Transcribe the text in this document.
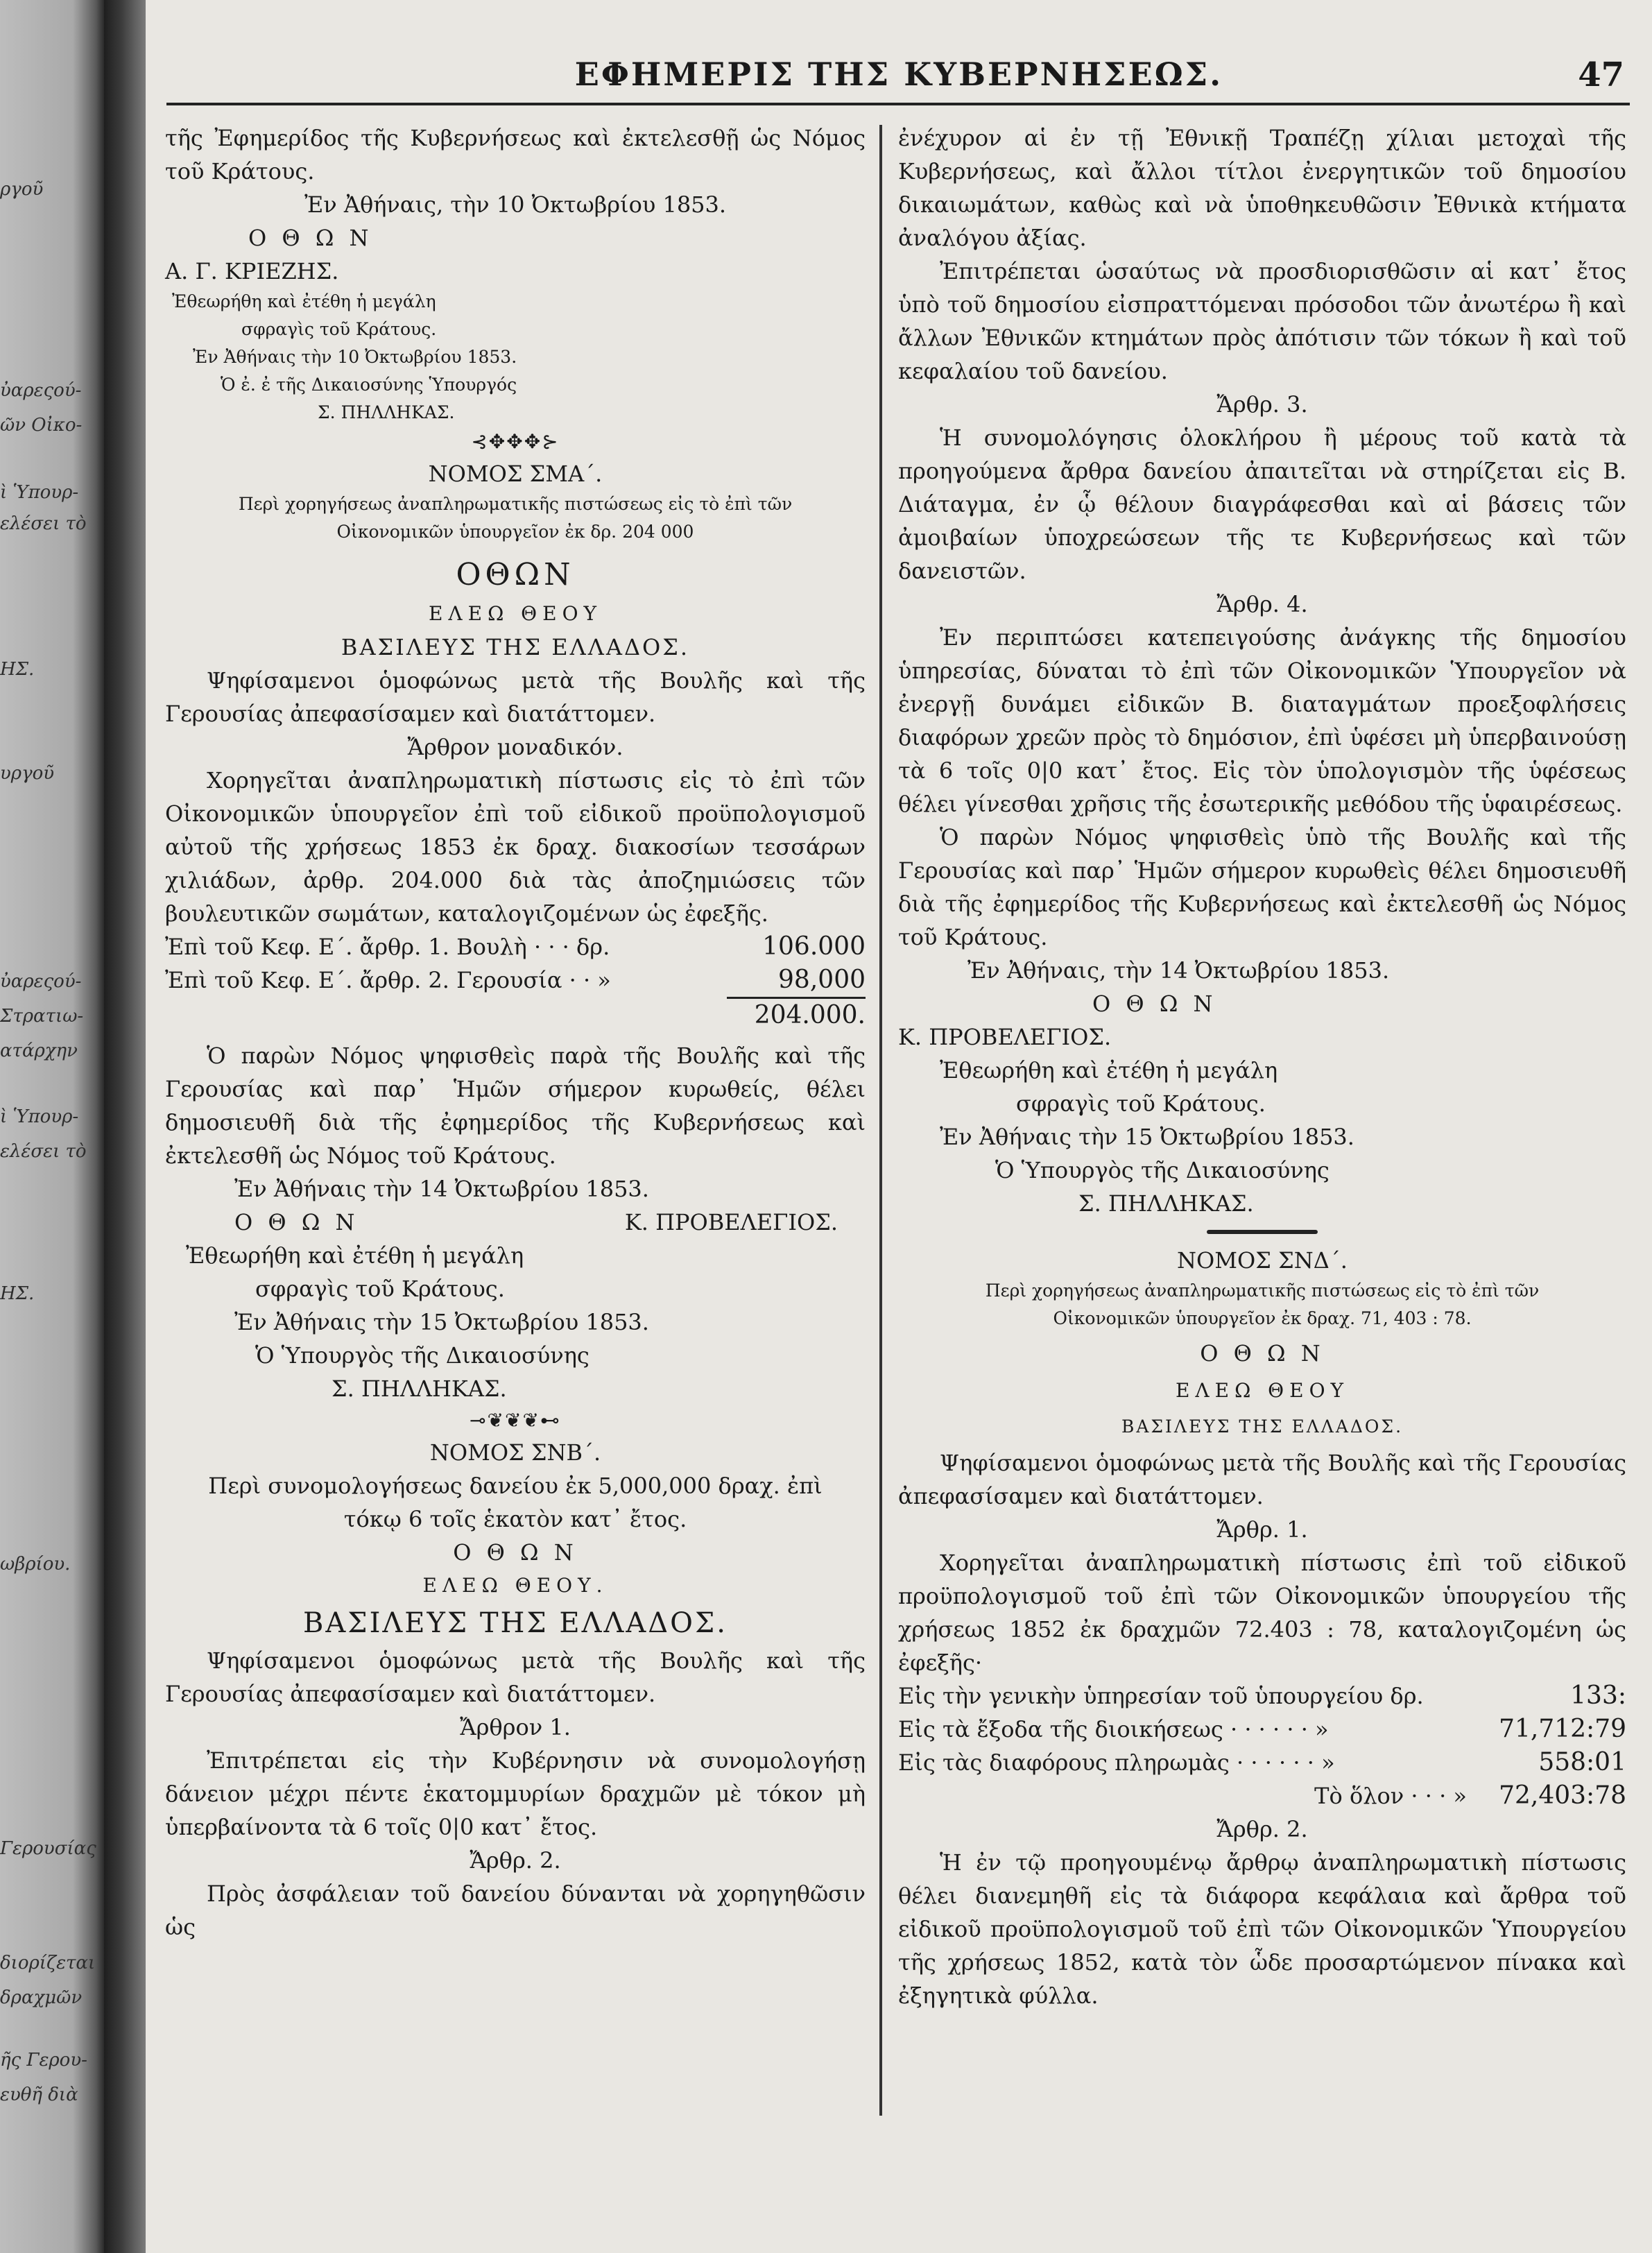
ργοῦ
ὐαρεςού-
ῶν Οἰκο-
ὶ Ὑπουρ-
ελέσει τὸ
ΗΣ.
υργοῦ
ὐαρεςού-
Στρατιω-
ατάρχην
ὶ Ὑπουρ-
ελέσει τὸ
ΗΣ.
ωβρίου.
Γερουσίας
διορίζεται
δραχμῶν
ῆς Γερου-
ευθῆ διὰ
ΕΦΗΜΕΡΙΣ ΤΗΣ ΚΥΒΕΡΝΗΣΕΩΣ.	47

τῆς Ἐφημερίδος τῆς Κυβερνήσεως καὶ ἐκτελεσθῇ ὡς Νόμος τοῦ Κράτους.

Ἐν Ἀθήναις, τὴν 10 Ὀκτωβρίου 1853.

Ο Θ Ω Ν

Α. Γ. ΚΡΙΕΖΗΣ.

Ἐθεωρήθη καὶ ἐτέθη ἡ μεγάλη

σφραγὶς τοῦ Κράτους.

Ἐν Ἀθήναις τὴν 10 Ὀκτωβρίου 1853.

Ὁ ἐ. ἐ τῆς Δικαιοσύνης Ὑπουργός

Σ. ΠΗΛΛΗΚΑΣ.

⊰✥✥✥⊱

ΝΟΜΟΣ ΣΜΑ΄.

Περὶ χορηγήσεως ἀναπληρωματικῆς πιστώσεως εἰς τὸ ἐπὶ τῶν Οἰκονομικῶν ὑπουργεῖον ἐκ δρ. 204 000

ΟΘΩΝ

ΕΛΕΩ ΘΕΟΥ

ΒΑΣΙΛΕΥΣ ΤΗΣ ΕΛΛΑΔΟΣ.

Ψηφίσαμενοι ὁμοφώνως μετὰ τῆς Βουλῆς καὶ τῆς Γερουσίας ἀπεφασίσαμεν καὶ διατάττομεν.

Ἄρθρον μοναδικόν.

Χορηγεῖται ἀναπληρωματικὴ πίστωσις εἰς τὸ ἐπὶ τῶν Οἰκονομικῶν ὑπουργεῖον ἐπὶ τοῦ εἰδικοῦ προϋπολογισμοῦ αὐτοῦ τῆς χρήσεως 1853 ἐκ δραχ. διακοσίων τεσσάρων χιλιάδων, ἀρθρ. 204.000 διὰ τὰς ἀποζημιώσεις τῶν βουλευτικῶν σωμάτων, καταλογιζομένων ὡς ἐφεξῆς.

Ἐπὶ τοῦ Κεφ. Ε΄. ἄρθρ. 1. Βουλὴ · · · δρ.	106.000
Ἐπὶ τοῦ Κεφ. Ε΄. ἄρθρ. 2. Γερουσία · · »	98,000
204.000.

Ὁ παρὼν Νόμος ψηφισθεὶς παρὰ τῆς Βουλῆς καὶ τῆς Γερουσίας καὶ παρ᾽ Ἡμῶν σήμερον κυρωθείς, θέλει δημοσιευθῆ διὰ τῆς ἐφημερίδος τῆς Κυβερνήσεως καὶ ἐκτελεσθῆ ὡς Νόμος τοῦ Κράτους.

Ἐν Ἀθήναις τὴν 14 Ὀκτωβρίου 1853.

Ο Θ Ω Ν	Κ. ΠΡΟΒΕΛΕΓΙΟΣ.

Ἐθεωρήθη καὶ ἐτέθη ἡ μεγάλη

σφραγὶς τοῦ Κράτους.

Ἐν Ἀθήναις τὴν 15 Ὀκτωβρίου 1853.

Ὁ Ὑπουργὸς τῆς Δικαιοσύνης

Σ. ΠΗΛΛΗΚΑΣ.

⊸❦❦❦⊷

ΝΟΜΟΣ ΣΝΒ΄.

Περὶ συνομολογήσεως δανείου ἐκ 5,000,000 δραχ. ἐπὶ

τόκῳ 6 τοῖς ἑκατὸν κατ᾽ ἔτος.

Ο Θ Ω Ν

ΕΛΕΩ ΘΕΟΥ.

ΒΑΣΙΛΕΥΣ ΤΗΣ ΕΛΛΑΔΟΣ.

Ψηφίσαμενοι ὁμοφώνως μετὰ τῆς Βουλῆς καὶ τῆς Γερουσίας ἀπεφασίσαμεν καὶ διατάττομεν.

Ἄρθρον 1.

Ἐπιτρέπεται εἰς τὴν Κυβέρνησιν νὰ συνομολογήσῃ δάνειον μέχρι πέντε ἑκατομμυρίων δραχμῶν μὲ τόκον μὴ ὑπερβαίνοντα τὰ 6 τοῖς 0|0 κατ᾽ ἔτος.

Ἄρθρ. 2.

Πρὸς ἀσφάλειαν τοῦ δανείου δύνανται νὰ χορηγηθῶσιν ὡς

ἐνέχυρον αἱ ἐν τῇ Ἐθνικῇ Τραπέζῃ χίλιαι μετοχαὶ τῆς Κυβερνήσεως, καὶ ἄλλοι τίτλοι ἐνεργητικῶν τοῦ δημοσίου δικαιωμάτων, καθὼς καὶ νὰ ὑποθηκευθῶσιν Ἐθνικὰ κτήματα ἀναλόγου ἀξίας.

Ἐπιτρέπεται ὡσαύτως νὰ προσδιορισθῶσιν αἱ κατ᾽ ἔτος ὑπὸ τοῦ δημοσίου εἰσπραττόμεναι πρόσοδοι τῶν ἀνωτέρω ἢ καὶ ἄλλων Ἐθνικῶν κτημάτων πρὸς ἀπότισιν τῶν τόκων ἢ καὶ τοῦ κεφαλαίου τοῦ δανείου.

Ἄρθρ. 3.

Ἡ συνομολόγησις ὁλοκλήρου ἢ μέρους τοῦ κατὰ τὰ προηγούμενα ἄρθρα δανείου ἀπαιτεῖται νὰ στηρίζεται εἰς Β. Διάταγμα, ἐν ᾧ θέλουν διαγράφεσθαι καὶ αἱ βάσεις τῶν ἀμοιβαίων ὑποχρεώσεων τῆς τε Κυβερνήσεως καὶ τῶν δανειστῶν.

Ἄρθρ. 4.

Ἐν περιπτώσει κατεπειγούσης ἀνάγκης τῆς δημοσίου ὑπηρεσίας, δύναται τὸ ἐπὶ τῶν Οἰκονομικῶν Ὑπουργεῖον νὰ ἐνεργῇ δυνάμει εἰδικῶν Β. διαταγμάτων προεξοφλήσεις διαφόρων χρεῶν πρὸς τὸ δημόσιον, ἐπὶ ὑφέσει μὴ ὑπερβαινούσῃ τὰ 6 τοῖς 0|0 κατ᾽ ἔτος. Εἰς τὸν ὑπολογισμὸν τῆς ὑφέσεως θέλει γίνεσθαι χρῆσις τῆς ἐσωτερικῆς μεθόδου τῆς ὑφαιρέσεως.

Ὁ παρὼν Νόμος ψηφισθεὶς ὑπὸ τῆς Βουλῆς καὶ τῆς Γερουσίας καὶ παρ᾽ Ἡμῶν σήμερον κυρωθεὶς θέλει δημοσιευθῆ διὰ τῆς ἐφημερίδος τῆς Κυβερνήσεως καὶ ἐκτελεσθῆ ὡς Νόμος τοῦ Κράτους.

Ἐν Ἀθήναις, τὴν 14 Ὀκτωβρίου 1853.

Ο Θ Ω Ν

Κ. ΠΡΟΒΕΛΕΓΙΟΣ.

Ἐθεωρήθη καὶ ἐτέθη ἡ μεγάλη

σφραγὶς τοῦ Κράτους.

Ἐν Ἀθήναις τὴν 15 Ὀκτωβρίου 1853.

Ὁ Ὑπουργὸς τῆς Δικαιοσύνης

Σ. ΠΗΛΛΗΚΑΣ.

ΝΟΜΟΣ ΣΝΔ΄.

Περὶ χορηγήσεως ἀναπληρωματικῆς πιστώσεως εἰς τὸ ἐπὶ τῶν Οἰκονομικῶν ὑπουργεῖον ἐκ δραχ. 71, 403 : 78.

Ο Θ Ω Ν

ΕΛΕΩ ΘΕΟΥ

ΒΑΣΙΛΕΥΣ ΤΗΣ ΕΛΛΑΔΟΣ.

Ψηφίσαμενοι ὁμοφώνως μετὰ τῆς Βουλῆς καὶ τῆς Γερουσίας ἀπεφασίσαμεν καὶ διατάττομεν.

Ἄρθρ. 1.

Χορηγεῖται ἀναπληρωματικὴ πίστωσις ἐπὶ τοῦ εἰδικοῦ προϋπολογισμοῦ τοῦ ἐπὶ τῶν Οἰκονομικῶν ὑπουργείου τῆς χρήσεως 1852 ἐκ δραχμῶν 72.403 : 78, καταλογιζομένη ὡς ἐφεξῆς·

Εἰς τὴν γενικὴν ὑπηρεσίαν τοῦ ὑπουργείου δρ.	133:
Εἰς τὰ ἔξοδα τῆς διοικήσεως · · · · · · »	71,712:79
Εἰς τὰς διαφόρους πληρωμὰς · · · · · · »	558:01
Τὸ ὅλον · · · »	72,403:78

Ἄρθρ. 2.

Ἡ ἐν τῷ προηγουμένῳ ἄρθρῳ ἀναπληρωματικὴ πίστωσις θέλει διανεμηθῆ εἰς τὰ διάφορα κεφάλαια καὶ ἄρθρα τοῦ εἰδικοῦ προϋπολογισμοῦ τοῦ ἐπὶ τῶν Οἰκονομικῶν Ὑπουργείου τῆς χρήσεως 1852, κατὰ τὸν ὧδε προσαρτώμενον πίνακα καὶ ἐξηγητικὰ φύλλα.
